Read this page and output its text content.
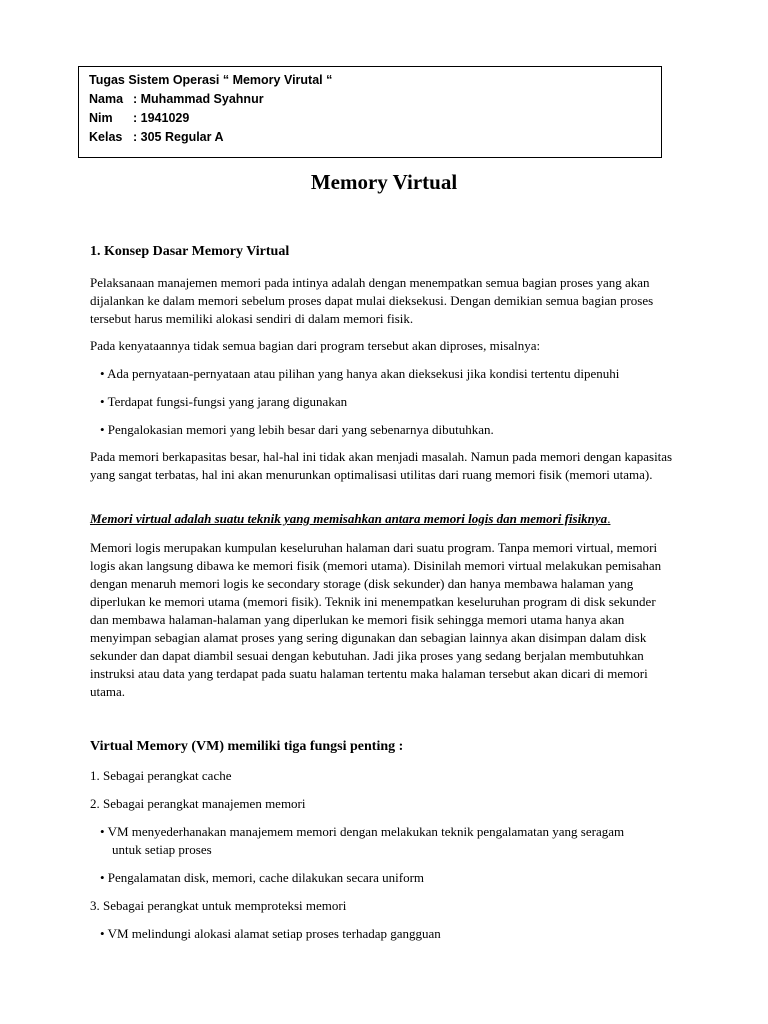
Tugas Sistem Operasi “ Memory Virutal “
Nama : Muhammad Syahnur
Nim : 1941029
Kelas : 305 Regular A
Memory Virtual
1. Konsep Dasar Memory Virtual

Pelaksanaan manajemen memori pada intinya adalah dengan menempatkan semua bagian proses yang akan dijalankan ke dalam memori sebelum proses dapat mulai dieksekusi. Dengan demikian semua bagian proses tersebut harus memiliki alokasi sendiri di dalam memori fisik.

Pada kenyataannya tidak semua bagian dari program tersebut akan diproses, misalnya:

• Ada pernyataan-pernyataan atau pilihan yang hanya akan dieksekusi jika kondisi tertentu dipenuhi
• Terdapat fungsi-fungsi yang jarang digunakan
• Pengalokasian memori yang lebih besar dari yang sebenarnya dibutuhkan.

Pada memori berkapasitas besar, hal-hal ini tidak akan menjadi masalah. Namun pada memori dengan kapasitas yang sangat terbatas, hal ini akan menurunkan optimalisasi utilitas dari ruang memori fisik (memori utama).

Memori virtual adalah suatu teknik yang memisahkan antara memori logis dan memori fisiknya.

Memori logis merupakan kumpulan keseluruhan halaman dari suatu program. Tanpa memori virtual, memori logis akan langsung dibawa ke memori fisik (memori utama). Disinilah memori virtual melakukan pemisahan dengan menaruh memori logis ke secondary storage (disk sekunder) dan hanya membawa halaman yang diperlukan ke memori utama (memori fisik). Teknik ini menempatkan keseluruhan program di disk sekunder dan membawa halaman-halaman yang diperlukan ke memori fisik sehingga memori utama hanya akan menyimpan sebagian alamat proses yang sering digunakan dan sebagian lainnya akan disimpan dalam disk sekunder dan dapat diambil sesuai dengan kebutuhan. Jadi jika proses yang sedang berjalan membutuhkan instruksi atau data yang terdapat pada suatu halaman tertentu maka halaman tersebut akan dicari di memori utama.

Virtual Memory (VM) memiliki tiga fungsi penting :
1. Sebagai perangkat cache
2. Sebagai perangkat manajemen memori
• VM menyederhanakan manajemem memori dengan melakukan teknik pengalamatan yang seragam
untuk setiap proses
• Pengalamatan disk, memori, cache dilakukan secara uniform
3. Sebagai perangkat untuk memproteksi memori
• VM melindungi alokasi alamat setiap proses terhadap gangguan
